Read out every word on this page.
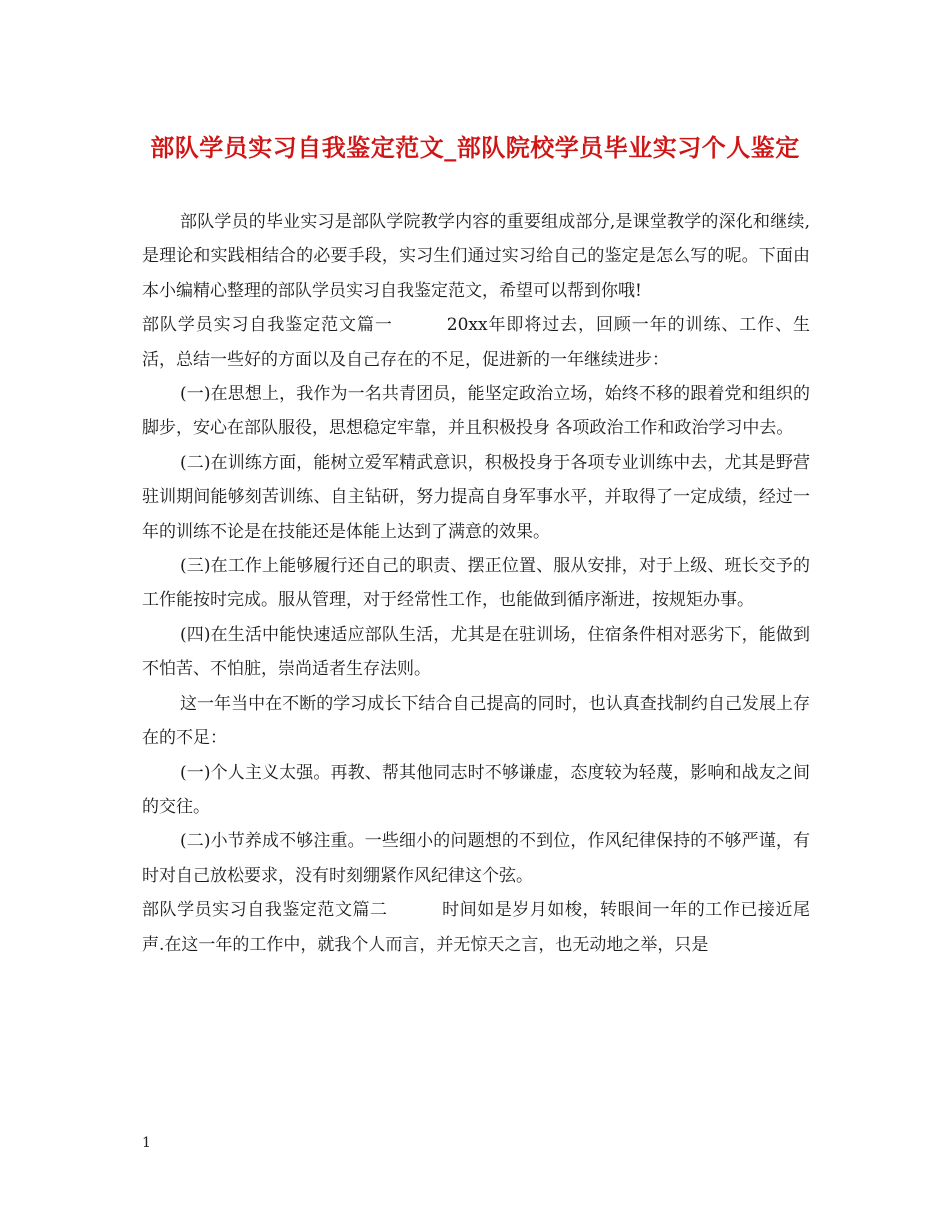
部队学员实习自我鉴定范文_部队院校学员毕业实习个人鉴定

部队学员的毕业实习是部队学院教学内容的重要组成部分,是课堂教学的深化和继续,是理论和实践相结合的必要手段，实习生们通过实习给自己的鉴定是怎么写的呢。下面由本小编精心整理的部队学员实习自我鉴定范文，希望可以帮到你哦!

部队学员实习自我鉴定范文篇一	20xx年即将过去，回顾一年的训练、工作、生活，总结一些好的方面以及自己存在的不足，促进新的一年继续进步：

(一)在思想上，我作为一名共青团员，能坚定政治立场，始终不移的跟着党和组织的脚步，安心在部队服役，思想稳定牢靠，并且积极投身 各项政治工作和政治学习中去。

(二)在训练方面，能树立爱军精武意识，积极投身于各项专业训练中去，尤其是野营驻训期间能够刻苦训练、自主钻研，努力提高自身军事水平，并取得了一定成绩，经过一年的训练不论是在技能还是体能上达到了满意的效果。

(三)在工作上能够履行还自己的职责、摆正位置、服从安排，对于上级、班长交予的工作能按时完成。服从管理，对于经常性工作，也能做到循序渐进，按规矩办事。

(四)在生活中能快速适应部队生活，尤其是在驻训场，住宿条件相对恶劣下，能做到不怕苦、不怕脏，崇尚适者生存法则。

这一年当中在不断的学习成长下结合自己提高的同时，也认真查找制约自己发展上存在的不足：

(一)个人主义太强。再教、帮其他同志时不够谦虚，态度较为轻蔑，影响和战友之间的交往。

(二)小节养成不够注重。一些细小的问题想的不到位，作风纪律保持的不够严谨，有时对自己放松要求，没有时刻绷紧作风纪律这个弦。

部队学员实习自我鉴定范文篇二	时间如是岁月如梭，转眼间一年的工作已接近尾声.在这一年的工作中，就我个人而言，并无惊天之言，也无动地之举，只是

1
